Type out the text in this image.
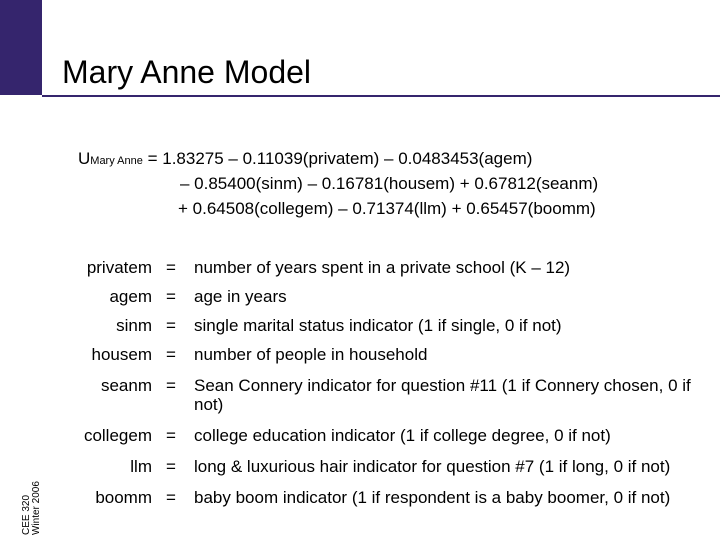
CEE 320 Winter 2006
Mary Anne Model
UMary Anne = 1.83275 – 0.11039(privatem) – 0.0483453(agem)
– 0.85400(sinm) – 0.16781(housem) + 0.67812(seanm)
+ 0.64508(collegem) – 0.71374(llm) + 0.65457(boomm)
privatem = number of years spent in a private school (K – 12)
agem = age in years
sinm = single marital status indicator (1 if single, 0 if not)
housem = number of people in household
seanm = Sean Connery indicator for question #11 (1 if Connery chosen, 0 if not)
collegem = college education indicator (1 if college degree, 0 if not)
llm = long & luxurious hair indicator for question #7 (1 if long, 0 if not)
boomm = baby boom indicator (1 if respondent is a baby boomer, 0 if not)
